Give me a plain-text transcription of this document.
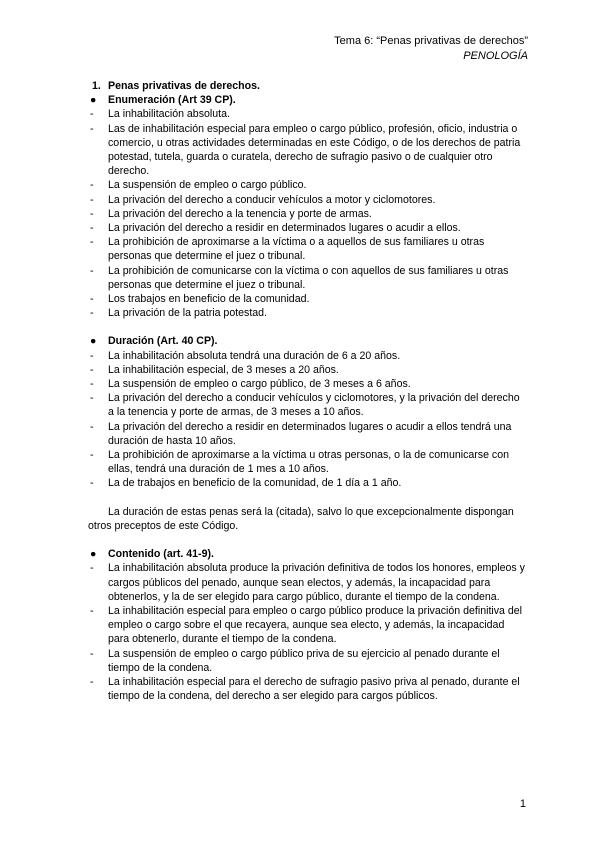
Tema 6: “Penas privativas de derechos”
PENOLOGÍA
1. Penas privativas de derechos.
● Enumeración (Art 39 CP).
- La inhabilitación absoluta.
- Las de inhabilitación especial para empleo o cargo público, profesión, oficio, industria o comercio, u otras actividades determinadas en este Código, o de los derechos de patria potestad, tutela, guarda o curatela, derecho de sufragio pasivo o de cualquier otro derecho.
- La suspensión de empleo o cargo público.
- La privación del derecho a conducir vehículos a motor y ciclomotores.
- La privación del derecho a la tenencia y porte de armas.
- La privación del derecho a residir en determinados lugares o acudir a ellos.
- La prohibición de aproximarse a la víctima o a aquellos de sus familiares u otras personas que determine el juez o tribunal.
- La prohibición de comunicarse con la víctima o con aquellos de sus familiares u otras personas que determine el juez o tribunal.
- Los trabajos en beneficio de la comunidad.
- La privación de la patria potestad.
● Duración (Art. 40 CP).
- La inhabilitación absoluta tendrá una duración de 6 a 20 años.
- La inhabilitación especial, de 3 meses a 20 años.
- La suspensión de empleo o cargo público, de 3 meses a 6 años.
- La privación del derecho a conducir vehículos y ciclomotores, y la privación del derecho a la tenencia y porte de armas, de 3 meses a 10 años.
- La privación del derecho a residir en determinados lugares o acudir a ellos tendrá una duración de hasta 10 años.
- La prohibición de aproximarse a la víctima u otras personas, o la de comunicarse con ellas, tendrá una duración de 1 mes a 10 años.
- La de trabajos en beneficio de la comunidad, de 1 día a 1 año.
La duración de estas penas será la (citada), salvo lo que excepcionalmente dispongan otros preceptos de este Código.
● Contenido (art. 41-9).
- La inhabilitación absoluta produce la privación definitiva de todos los honores, empleos y cargos públicos del penado, aunque sean electos, y además, la incapacidad para obtenerlos, y la de ser elegido para cargo público, durante el tiempo de la condena.
- La inhabilitación especial para empleo o cargo público produce la privación definitiva del empleo o cargo sobre el que recayera, aunque sea electo, y además, la incapacidad para obtenerlo, durante el tiempo de la condena.
- La suspensión de empleo o cargo público priva de su ejercicio al penado durante el tiempo de la condena.
- La inhabilitación especial para el derecho de sufragio pasivo priva al penado, durante el tiempo de la condena, del derecho a ser elegido para cargos públicos.
1
